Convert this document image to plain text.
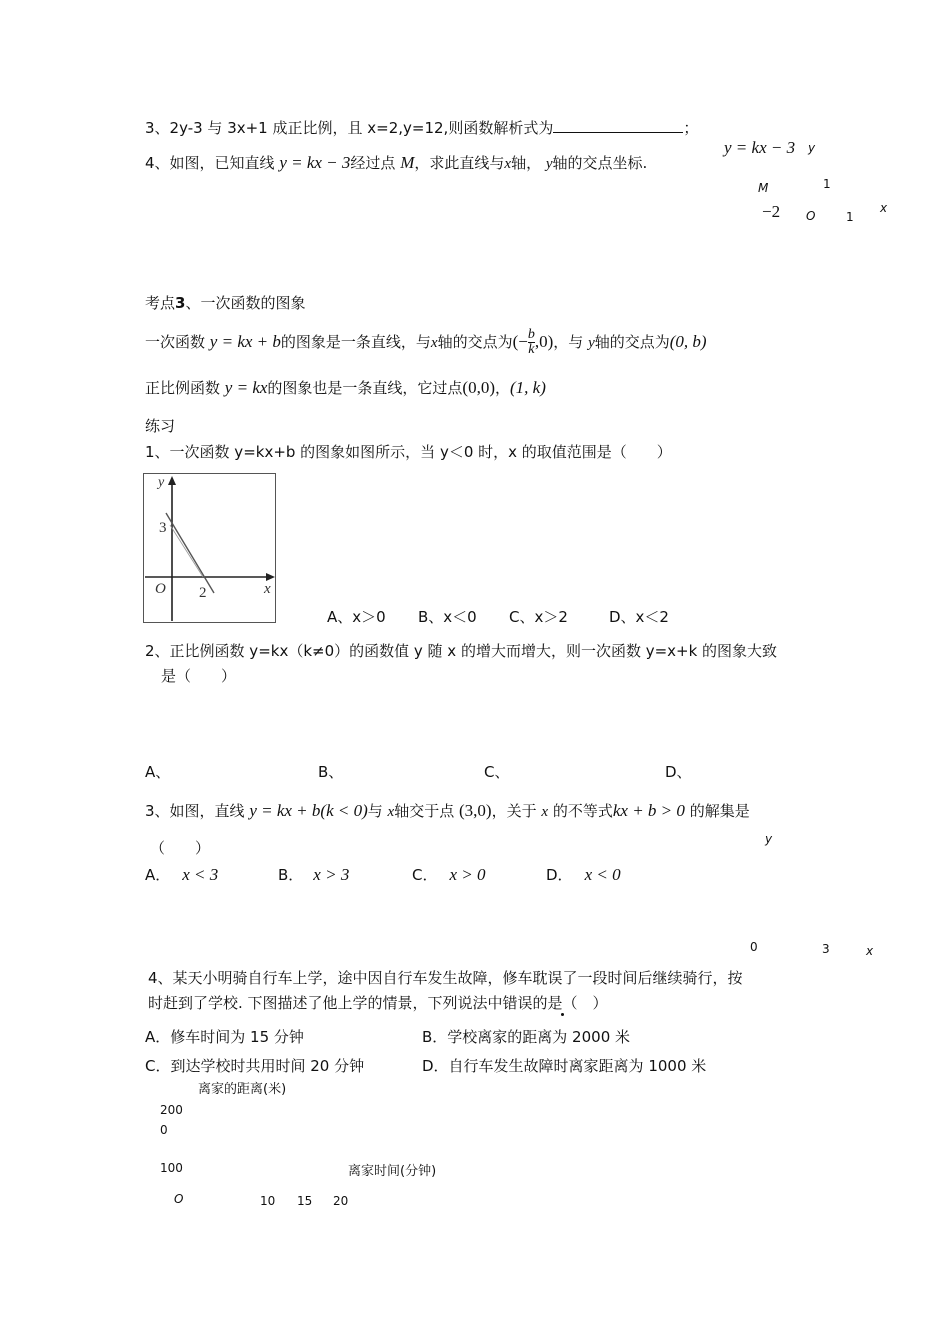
3、2y-3 与 3x+1 成正比例，且 x=2,y=12,则函数解析式为	；
4、如图，已知直线 y = kx − 3经过点 M，求此直线与x轴， y轴的交点坐标.
y = kx − 3 y
M	1
−2 O	1
x
考点3、一次函数的图象
一次函数 y = kx + b的图象是一条直线，与x轴的交点为(− $\frac{b}{k} ,0$)，与 y轴的交点为(0, b)
正比例函数 y = kx的图象也是一条直线，它过点(0,0)，(1, k)
练习
1、一次函数 y=kx+b 的图象如图所示，当 y＜0 时，x 的取值范围是（　　）
y
3
O 2	x
A、x＞0 B、x＜0 C、x＞2	D、x＜2
2、正比例函数 y=kx（k≠0）的函数值 y 随 x 的增大而增大，则一次函数 y=x+k 的图象大致
是（　　）
A、	B、	C、	D、
3、如图，直线 y = kx + b(k < 0)与 x轴交于点 (3,0)，关于 x 的不等式kx + b > 0 的解集是
（　　）
A． x < 3	B． x > 3	C． x > 0	D． x < 0
y
0	3	x
4、某天小明骑自行车上学，途中因自行车发生故障，修车耽误了一段时间后继续骑行，按
时赶到了学校. 下图描述了他上学的情景，下列说法中错误的是（　）
A．修车时间为 15 分钟	B．学校离家的距离为 2000 米
C．到达学校时共用时间 20 分钟	D．自行车发生故障时离家距离为 1000 米
离家的距离(米)
200
0
100	离家时间(分钟)
O	10 15 20
